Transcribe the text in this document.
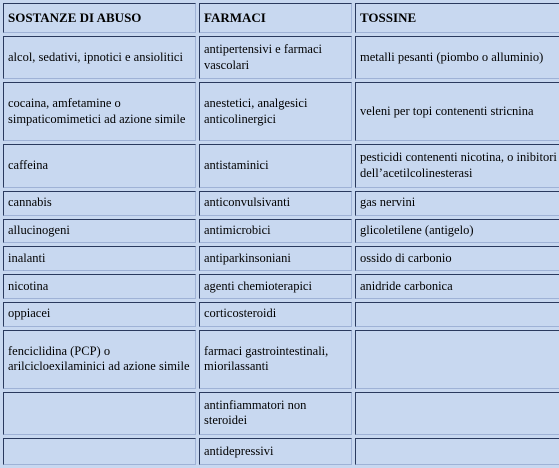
SOSTANZE DI ABUSO	FARMACI	TOSSINE
alcol, sedativi, ipnotici e ansiolitici	antipertensivi e farmaci vascolari	metalli pesanti (piombo o alluminio)
cocaina, amfetamine o simpaticomimetici ad azione simile	anestetici, analgesici anticolinergici	veleni per topi contenenti stricnina
caffeina	antistaminici	pesticidi contenenti nicotina, o inibitori dell’acetilcolinesterasi
cannabis	anticonvulsivanti	gas nervini
allucinogeni	antimicrobici	glicoletilene (antigelo)
inalanti	antiparkinsoniani	ossido di carbonio
nicotina	agenti chemioterapici	anidride carbonica
oppiacei	corticosteroidi	
fenciclidina (PCP) o arilcicloexilaminici ad azione simile	farmaci gastrointestinali, miorilassanti	
	antinfiammatori non steroidei	
	antidepressivi	
